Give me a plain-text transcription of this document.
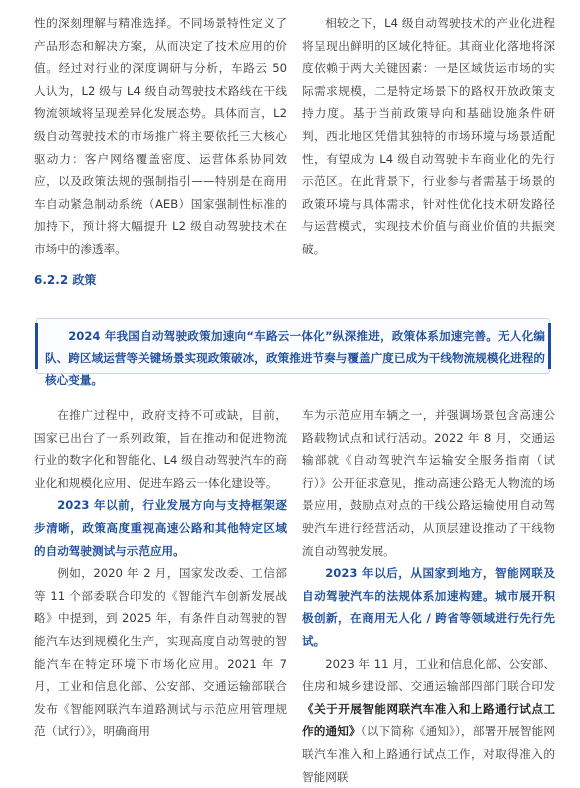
性的深刻理解与精准选择。不同场景特性定义了产品形态和解决方案，从而决定了技术应用的价值。经过对行业的深度调研与分析，车路云 50 人认为，L2 级与 L4 级自动驾驶技术路线在干线物流领域将呈现差异化发展态势。具体而言，L2 级自动驾驶技术的市场推广将主要依托三大核心驱动力：客户网络覆盖密度、运营体系协同效应，以及政策法规的强制指引——特别是在商用车自动紧急制动系统（AEB）国家强制性标准的加持下，预计将大幅提升 L2 级自动驾驶技术在市场中的渗透率。

相较之下，L4 级自动驾驶技术的产业化进程将呈现出鲜明的区域化特征。其商业化落地将深度依赖于两大关键因素：一是区域货运市场的实际需求规模，二是特定场景下的路权开放政策支持力度。基于当前政策导向和基础设施条件研判，西北地区凭借其独特的市场环境与场景适配性，有望成为 L4 级自动驾驶卡车商业化的先行示范区。在此背景下，行业参与者需基于场景的政策环境与具体需求，针对性优化技术研发路径与运营模式，实现技术价值与商业价值的共振突破。

6.2.2 政策
2024 年我国自动驾驶政策加速向“车路云一体化”纵深推进，政策体系加速完善。无人化编队、跨区域运营等关键场景实现政策破冰，政策推进节奏与覆盖广度已成为干线物流规模化进程的核心变量。

在推广过程中，政府支持不可或缺，目前，国家已出台了一系列政策，旨在推动和促进物流行业的数字化和智能化、L4 级自动驾驶汽车的商业化和规模化应用、促进车路云一体化建设等。

2023 年以前，行业发展方向与支持框架逐步清晰，政策高度重视高速公路和其他特定区域的自动驾驶测试与示范应用。

例如，2020 年 2 月，国家发改委、工信部等 11 个部委联合印发的《智能汽车创新发展战略》中提到，到 2025 年，有条件自动驾驶的智能汽车达到规模化生产，实现高度自动驾驶的智能汽车在特定环境下市场化应用。2021 年 7 月，工业和信息化部、公安部、交通运输部联合发布《智能网联汽车道路测试与示范应用管理规范（试行）》，明确商用

车为示范应用车辆之一，并强调场景包含高速公路载物试点和试行活动。2022 年 8 月，交通运输部就《自动驾驶汽车运输安全服务指南（试行）》公开征求意见，推动高速公路无人物流的场景应用，鼓励点对点的干线公路运输使用自动驾驶汽车进行经营活动，从顶层建设推动了干线物流自动驾驶发展。

2023 年以后，从国家到地方，智能网联及自动驾驶汽车的法规体系加速构建。城市展开积极创新，在商用无人化 / 跨省等领域进行先行先试。

2023 年 11 月，工业和信息化部、公安部、住房和城乡建设部、交通运输部四部门联合印发《关于开展智能网联汽车准入和上路通行试点工作的通知》（以下简称《通知》），部署开展智能网联汽车准入和上路通行试点工作，对取得准入的智能网联
